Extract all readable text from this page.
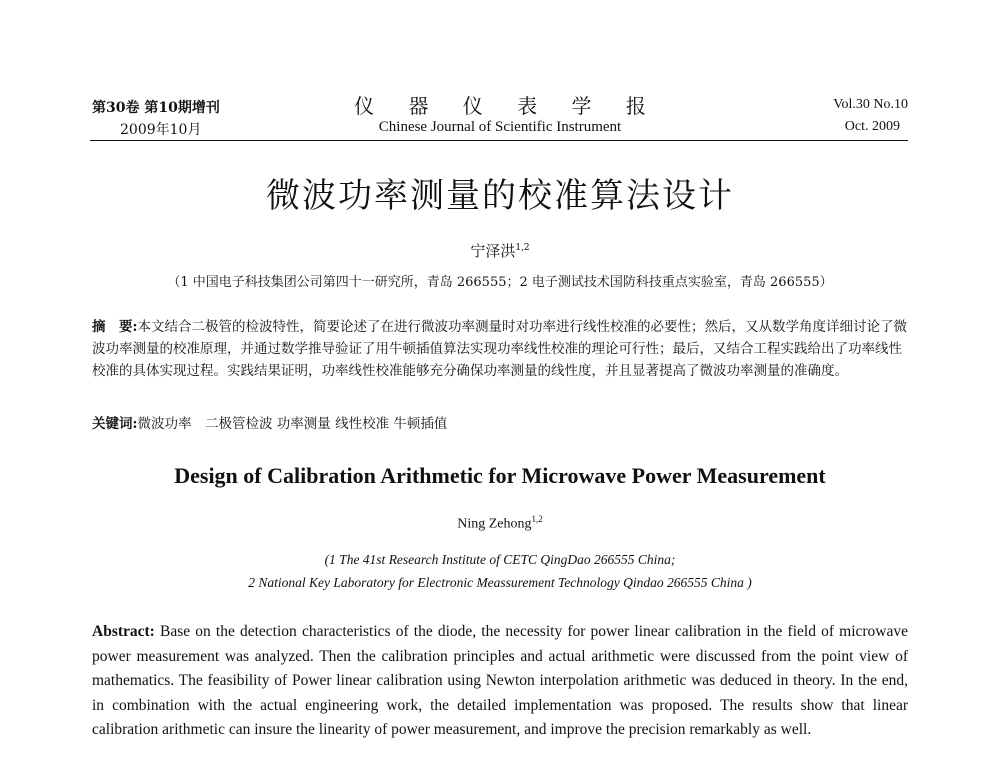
第30卷 第10期增刊
2009年10月
仪 器 仪 表 学 报
Chinese Journal of Scientific Instrument
Vol.30 No.10
Oct. 2009
微波功率测量的校准算法设计
宁泽洪$^{1,2}$
（1 中国电子科技集团公司第四十一研究所，青岛 266555；2 电子测试技术国防科技重点实验室，青岛 266555）
摘　要:本文结合二极管的检波特性，简要论述了在进行微波功率测量时对功率进行线性校准的必要性；然后，又从数学角度详细讨论了微波功率测量的校准原理，并通过数学推导验证了用牛顿插值算法实现功率线性校准的理论可行性；最后，又结合工程实践给出了功率线性校准的具体实现过程。实践结果证明，功率线性校准能够充分确保功率测量的线性度，并且显著提高了微波功率测量的准确度。
关键词:微波功率　二极管检波 功率测量 线性校准 牛顿插值
Design of Calibration Arithmetic for Microwave Power Measurement
Ning Zehong$^{1,2}$
(1 The 41st Research Institute of CETC QingDao 266555 China;
2 National Key Laboratory for Electronic Meassurement Technology Qindao 266555 China )
Abstract: Base on the detection characteristics of the diode, the necessity for power linear calibration in the field of microwave power measurement was analyzed. Then the calibration principles and actual arithmetic were discussed from the point view of mathematics. The feasibility of Power linear calibration using Newton interpolation arithmetic was deduced in theory. In the end, in combination with the actual engineering work, the detailed implementation was proposed. The results show that linear calibration arithmetic can insure the linearity of power measurement, and improve the precision remarkably as well.
